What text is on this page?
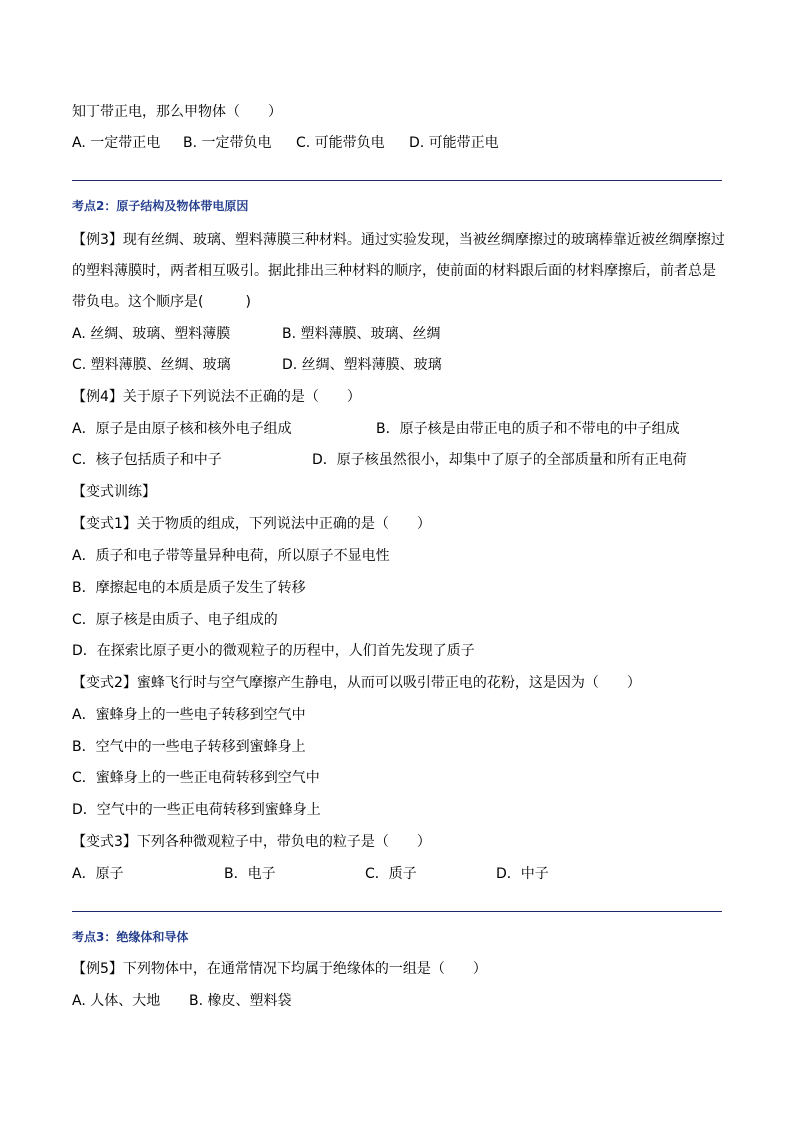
知丁带正电，那么甲物体（　　）
A. 一定带正电 B. 一定带负电 C. 可能带负电 D. 可能带正电
考点2：原子结构及物体带电原因
【例3】现有丝绸、玻璃、塑料薄膜三种材料。通过实验发现，当被丝绸摩擦过的玻璃棒靠近被丝绸摩擦过
的塑料薄膜时，两者相互吸引。据此排出三种材料的顺序，使前面的材料跟后面的材料摩擦后，前者总是
带负电。这个顺序是(　　　)
A. 丝绸、玻璃、塑料薄膜	B. 塑料薄膜、玻璃、丝绸
C. 塑料薄膜、丝绸、玻璃	D. 丝绸、塑料薄膜、玻璃
【例4】关于原子下列说法不正确的是（　　）
A．原子是由原子核和核外电子组成	B．原子核是由带正电的质子和不带电的中子组成
C．核子包括质子和中子	D．原子核虽然很小，却集中了原子的全部质量和所有正电荷
【变式训练】
【变式1】关于物质的组成，下列说法中正确的是（　　）
A．质子和电子带等量异种电荷，所以原子不显电性
B．摩擦起电的本质是质子发生了转移
C．原子核是由质子、电子组成的
D．在探索比原子更小的微观粒子的历程中，人们首先发现了质子
【变式2】蜜蜂飞行时与空气摩擦产生静电，从而可以吸引带正电的花粉，这是因为（　　）
A．蜜蜂身上的一些电子转移到空气中
B．空气中的一些电子转移到蜜蜂身上
C．蜜蜂身上的一些正电荷转移到空气中
D．空气中的一些正电荷转移到蜜蜂身上
【变式3】下列各种微观粒子中，带负电的粒子是（　　）
A．原子	B．电子	C．质子	D．中子
考点3：绝缘体和导体
【例5】下列物体中，在通常情况下均属于绝缘体的一组是（　　）
A. 人体、大地 B. 橡皮、塑料袋
